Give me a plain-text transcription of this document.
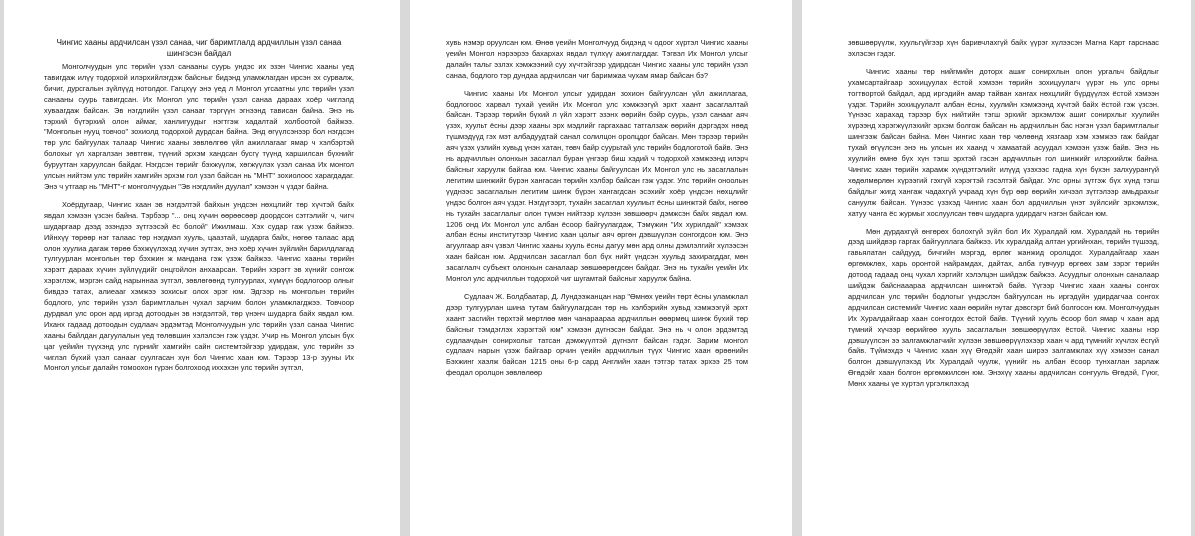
Чингис хааны ардчилсан үзэл санаа, чиг баримтлалд ардчиллын үзэл санаа шингэсэн байдал

Монголчуудын улс төрийн үзэл санааны суурь ундэс их эзэн Чингис хааны үед тавигдаж илүү тодорхой илэрхийлэгдэж байсныг бидэнд уламжлагдан ирсэн эх сурвалж, бичиг, дурсгалын зүйлүүд нотолдог. Гагцхүү энэ үед л Монгол угсаатны улс төрийн үзэл санааны суурь тавигдсан. Их Монгол улс төрийн үзэл санаа дараах хоёр чиглэлд хуваагдаж байсан. Эв нэгдлийн үзэл санааг тэргүүн эгнээнд тависан байна. Энэ нь тэрхий бүтэрхий олон аймаг, ханлигуудыг нэгтгэж хадалтай холбоотой байжээ. "Монголын нууц товчоо" зохиолд тодорхой дурдсан байна. Энд өгүүлсэнээр бол нэгдсэн төр улс байгуулах талаар Чингис хааны зөвлөлгөө үйл ажиллагааг ямар ч хэлбэртэй болохыг үл харгалзан зөвтгөж, түүний эрхэм хандсан бусгү түүнд харшилсан бүхнийг буруутган харуулсан байдаг. Нэгдсэн төрийг бэхжүүлж, хөгжүүлэх үзэл санаа Их монгол улсын нийтэм улс төрийн хамгийн эрхэм гол үзэл байсан нь "МНТ" зохиолоос харагдадаг. Энэ ч утгаар нь "МНТ"-г монголчуудын "Эв нэгдлийн дуулал" хэмээн ч үздэг байна.

Хоёрдугаар, Чингис хаан эв нэгдэлтэй байхын ундсэн нөхцлийг төр хүчтэй байх явдал хэмээн үзсэн байна. Тэрбээр "... онц хүчин өөрөөсөөр доордсон сэтгэлийг ч, чигч шударгаар дээд эзэндээ зүтгээсэй ёс болой" Ижилмаш. Хэх судар гаж үзэж байжээ. Ийнхүү төрөөр нэг талаас төр нэгдмэл хууль, цаазтай, шударга байх, нөгөө талаас ард олон хуулиа дагаж төрөө бэхжүүлэхэд хүчин зүтгэх, энэ хоёр хүчин зүйлийн барилдлагад тулгуурлан монголын төр бэхжин ж мандана гэж үзэж байжээ. Чингис хааны төрийн хэрэгт дараах хүчин зүйлүүдийг онцгойлон анхаарсан. Төрийн хэрэгт эв хүнийг сонгож хэрэглэж, мэргэн сайд нарыннаа зүтгэл, зөвлөгөөнд тулгуурлах, хүмүүн бодлогоор олныг бивдээ татах, алиеааг хэмжээ зохисыг олох эрэг юм. Эдгээр нь монголын төрийн бодлого, улс төрийн үзэл баримтлалын чухал зарчим болон уламжлагджээ. Товчоор дурдвал улс орон ард иргэд дотоодын эв нэгдэлтэй, төр үнэнч шударга байх явдал юм. Иханх гадаад дотоодын судлаач эрдэмтэд Монголчуудын улс төрийн үзэл санаа Чингис хааны байлдан дагуулалын үед төлөвшин хэлэлсэн гэж үздэг. Учир нь Монгол улсын бүх цаг үейийн түүхэнд улс гүрнийг хамгийн сайн системтэйгээр удирдаж, улс төрийн зэ чиглэл бүхий үзэл санааг суулгасан хүн бол Чингис хаан юм. Тэрээр 13-р зууны Их Монгол улсыг далайн томоохон гүрэн болгохоод иххэхэн улс төрийн зүтгэл,

хувь нэмэр оруулсан юм. Өнөө үеийн Монголчууд бидэнд ч одоог хүртэл Чингис хааны үеийн Монгол нэрээрээ бахархах явдал түлхүү ажиглагддаг. Тэгвэл Их Монгол улсыг далайн тальг эзлэх хэмжээний суу хүчтэйгээр удирдсан Чингис хааны улс төрийн үзэл санаа, бодлого тэр дундаа ардчилсан чиг баримжаа чухам ямар байсан бэ?

Чингис хааны Их Монгол улсыг удирдан зохион байгуулсан үйл ажиллагаа, бодлогоос харвал тухай үеийн Их Монгол улс хэмжээгүй эрхт хаант засаглалтай байсан. Тэрээр төрийн бүхий л үйл хэрэгт эзэнх өөрийн бэйр суурь, үзэл санааг аяч үзэх, хуульт ёсны дээр хааны эрх мэдлийг гаргахаас татгалзаж өөрийн дэргэдэх нөөд түшмэдүүд гэх мэт албадуудтай санал солилцон оролцдог байсан. Мөн тэрээр төрийн аяч үзэх үзлийн хувьд үнэн хатан, төвч байр суурьтай улс төрийн бодлоготой байв. Энэ нь ардчиллын олонхын засаглал буран үнгээр биш хэдий ч тодорхой хэмжээнд илэрч байсныг харуулж байгаа юм. Чингис хааны байгуулсан Их Монгол улс нь засаглалын легитим шинжийг бүрэн хангасан төрийн хэлбэр байсан гэж үздэг. Улс төрийн оноолын үүднээс засаглалын легитим шинж бүрэн хангагдсан эсэхийг хоёр үндсэн нөхцлийг үндэс болгон аяч үздэг. Нэгдүгээрт, тухайн засаглал хуулиыт ёсны шинжтэй байх, нөгөө нь тухайн засаглалыг олон түмэн нийтээр хүлээн зөвшөөрч дэмжсэн байх явдал юм. 1206 онд Их Монгол улс албан ёсоор байгуулагдаж, Тэмүжин "Их хурилдай" хэмээх албан ёсны институтээр Чингис хаан цолыг аяч өргөн дэвшүүлэн сонгогдсон юм. Энэ агуулгаар аяч үзвэл Чингис хааны хууль ёсны дагуу мөн ард олны дэмлэлгийг хүлээсэн хаан байсан юм. Ардчилсан засаглал бол бүх нийт үндсэн хуульд захирагддаг, мөн засаглалч субъект олонхын саналаар зөвшөөрөгдсөн байдаг. Энэ нь тухайн үеийн Их Монгол улс ардчиллын тодорхой чиг шугамтай байсныг харуулж байна.

Судлаач Ж. Болдбаатар, Д. Лундээжанцан нар "Өмнөх үеийн төрт ёсны уламжлал дээр тулгуурлан шина тутам байгуулагдсан төр нь хэлбэрийн хувьд хэмжээгүй эрхт хаант засгийн төрхтэй мөртлөө мөн чанараараа ардчиллын өөөрмөц шинж бүхий төр байсныг тэмдэглэх хэрэгтэй юм" хэмээн дүгнэсэн байдаг. Энэ нь ч олон эрдэмтэд судлаачдын сонирхолыг татсан дэмжүүлтэй дүгнэлт байсан гэдэг. Зарим монгол судлаач нарын үзэж байгаар орчин үеийн ардчиллын түүх Чингис хаан өрөөнийн Бэхжинг хаэлж байсан 1215 оны 6-р сард Английн хаан тэтгэр татах эрхээ 25 том феодал оролцон зөвлөлөөр

зөвшөөрүүлж, хуульгүйгээр хүн баривчлахгүй байх үүрэг хүлээсэн Магна Карт гарснаас эхлэсэн гэдэг.

Чингис хааны төр нийгмийн доторх ашиг сонирхлын олон ургальч байдлыг ухамсартайгаар зохицуулах ёстой хэмээн төрийн зохицуулагч үүрэг нь улс орны тогтвортой байдал, ард иргэдийн амар тайван хангах нөхцлийг бүрдүүлэх ёстой хэмээн үздэг. Тэрийн зохицуулалт албан ёсны, хуулийн хэмжээнд хүчтэй байх ёстой гэж үзсэн. Үүнээс харахад тэрээр бүх нийтийн тэгш эрхийг эрхэмлэж ашиг сонирхлыг хуулийн хүрээнд хэрэгжүүлэхийг эрхэм болгож байсан нь ардчиллын бас нэгэн үзэл баримтлалыг шингээж байсан байна. Мөн Чингис хаан төр чөлөөнд хязгаар хэм хэмжээ гаж байдаг тухай өгүүлсэн энэ нь улсын их хаанд ч хамаатай асуудал хэмээн үзэж байв. Энэ нь хуулийн өмнө бүх хүн тэгш эрхтэй гэсэн ардчиллын гол шинжийг илэрхийлж байна. Чингис хаан төрийн харамж хүндэтгэлийг илүүд үзэхээс гадна хүн бүхэн залхуурангүй хөдөлмөрлөн хүрээгий гэхгүй хэрэгтэй гэсэлтэй байдаг. Улс орны зүтгэж бүх хүнд тэгш байдлыг жигд хангаж чадахгүй учраад хүн бүр өөр өөрийн хичээл зүтгэлээр амьдрахыг сануулж байсан. Үүнээс үзэхэд Чингис хаан бол ардчиллын үнэт зүйлсийг эрхэмлэж, хатуу чанга ёс журмыг хослуулсан төвч шударга удирдагч нэгэн байсан юм.

Мөн дурдахгүй өнгөрөх болохгүй зүйл бол Их Хуралдай юм. Хуралдай нь төрийн дээд шийдвэр гаргах байгууллага байжээ. Их хуралдайд алтан ургийнхан, төрийн түшээд, гавьялатан сайдууд, бичгийн мэргэд, өрлөг жанжид оролцдог. Хуралдайгаар хаан өргөмжлөх, харь оронтой найрамдах, дайтах, алба гувчуур өргөөх зам зэрэг төрийн дотоод гадаад онц чухал хэргийг хэлэлцэн шийдэж байжээ. Асуудлыг олонхын саналаар шийдэж байснааараа ардчилсан шинжтэй байв. Үүгээр Чингис хаан хааны сонгох ардчилсан улс төрийн бодлогыг үндэслэн байгуулсан нь иргэдүйн удирдагчаа сонгох ардчилсан системийг Чингис хаан өөрийн нутаг дэвсгэрт бий болгосон юм. Монголчуудын Их Хуралдайгаар хаан сонгогдох ёстой байв. Түүний хууль ёсоор бол ямар ч хаан ард түмний хүчээр өөрийгөө хууль засаглалын зөвшөөрүүлэх ёстой. Чингис хааны нэр дэвшүүлсэн ээ залгамжлагчийг хүлээн зөвшөөрүүлэхээр хаан ч ард түмнийг хүчлэх ёсгүй байв. Түймэхдэ ч Чингис хаан хүү Өгөдэйг хаан ширээ залгамжлах хүү хэмээн санал болгон дэвшүүлэхэд Их Хуралдай чуулж, үүнийг нь албан ёсоор тунхаглан зарлаж Өгөдэйг хаан болгон өргөмжилсөн юм. Энэхүү хааны ардчилсан сонгууль Өгөдэй, Гүюг, Мөнх хааны үе хүртэл үргэлжлэхэд
